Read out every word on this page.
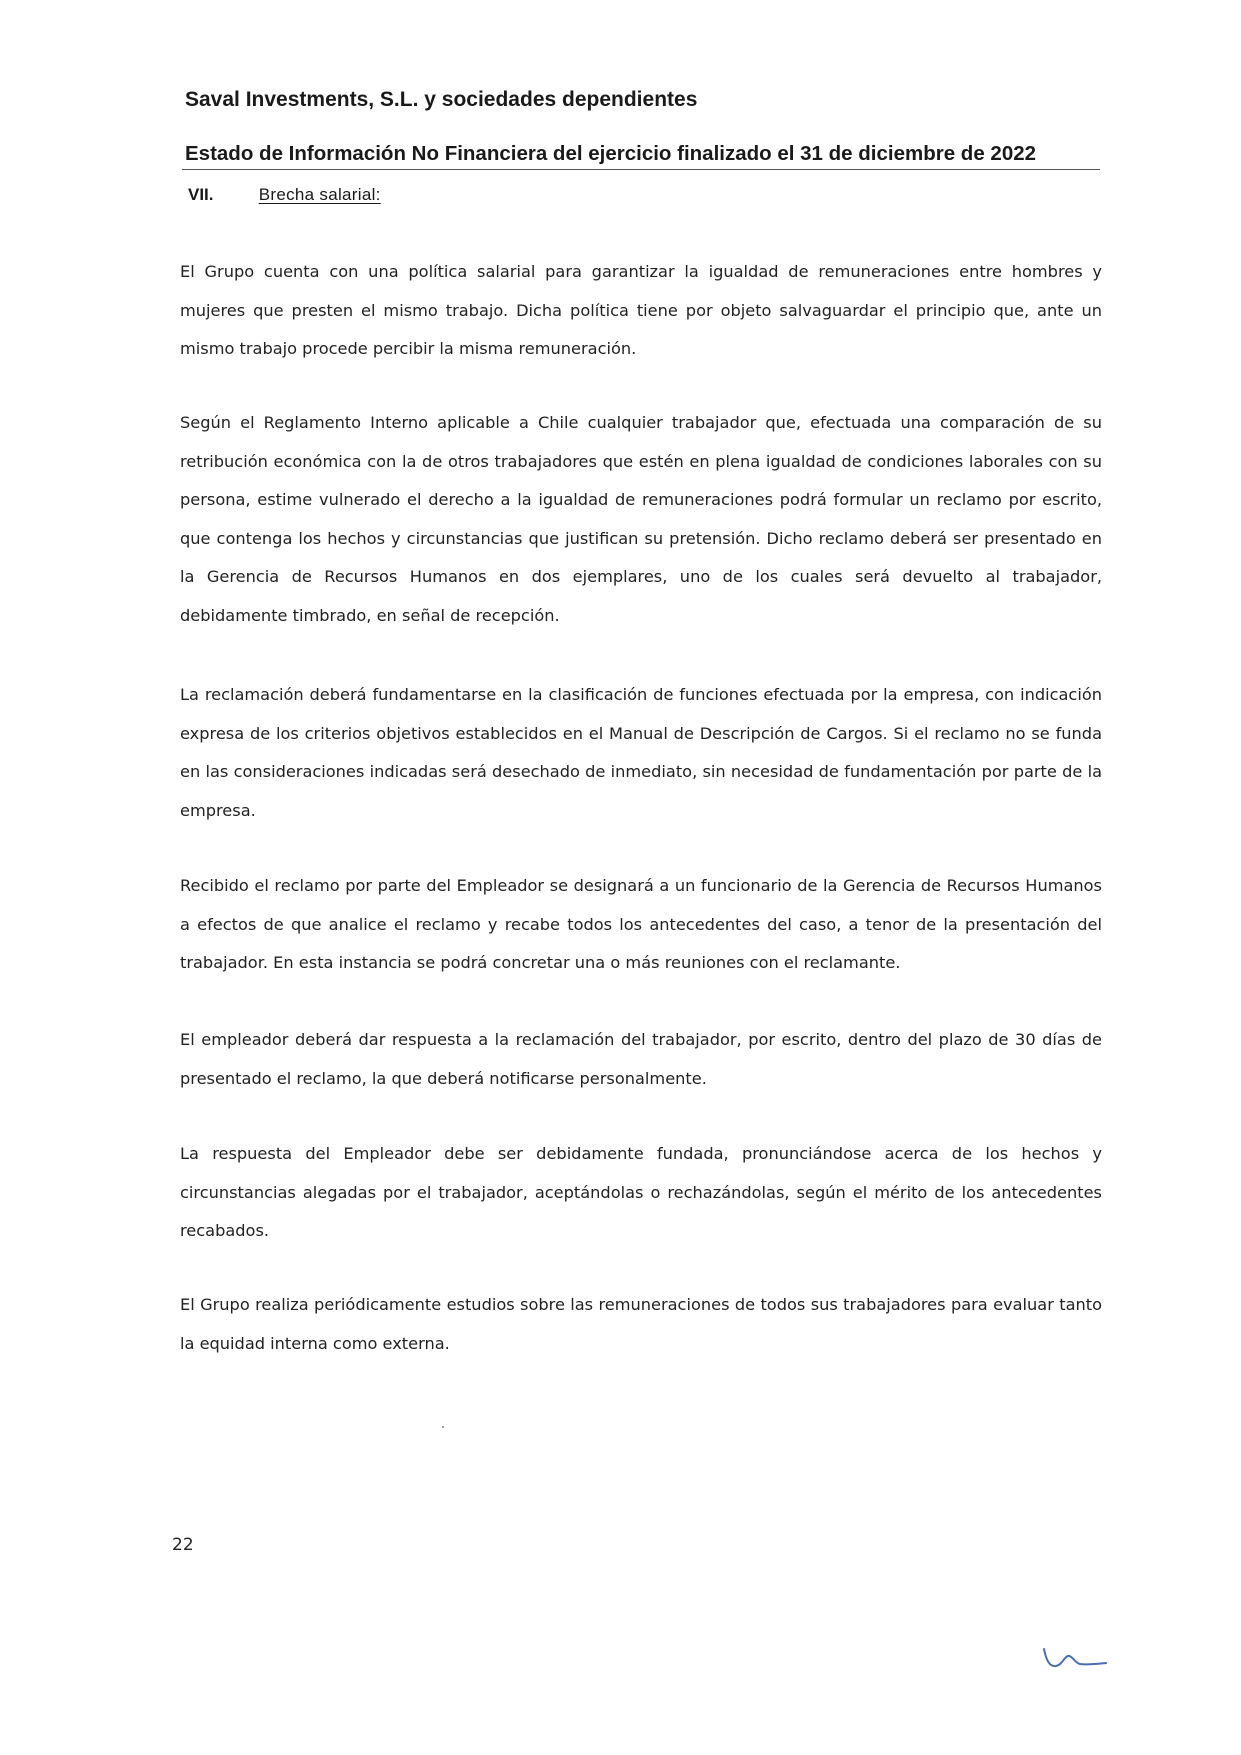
Saval Investments, S.L. y sociedades dependientes
Estado de Información No Financiera del ejercicio finalizado el 31 de diciembre de 2022
VII.	Brecha salarial:

El Grupo cuenta con una política salarial para garantizar la igualdad de remuneraciones entre hombres y mujeres que presten el mismo trabajo. Dicha política tiene por objeto salvaguardar el principio que, ante un mismo trabajo procede percibir la misma remuneración.

Según el Reglamento Interno aplicable a Chile cualquier trabajador que, efectuada una comparación de su retribución económica con la de otros trabajadores que estén en plena igualdad de condiciones laborales con su persona, estime vulnerado el derecho a la igualdad de remuneraciones podrá formular un reclamo por escrito, que contenga los hechos y circunstancias que justifican su pretensión. Dicho reclamo deberá ser presentado en la Gerencia de Recursos Humanos en dos ejemplares, uno de los cuales será devuelto al trabajador, debidamente timbrado, en señal de recepción.

La reclamación deberá fundamentarse en la clasificación de funciones efectuada por la empresa, con indicación expresa de los criterios objetivos establecidos en el Manual de Descripción de Cargos. Si el reclamo no se funda en las consideraciones indicadas será desechado de inmediato, sin necesidad de fundamentación por parte de la empresa.

Recibido el reclamo por parte del Empleador se designará a un funcionario de la Gerencia de Recursos Humanos a efectos de que analice el reclamo y recabe todos los antecedentes del caso, a tenor de la presentación del trabajador. En esta instancia se podrá concretar una o más reuniones con el reclamante.

El empleador deberá dar respuesta a la reclamación del trabajador, por escrito, dentro del plazo de 30 días de presentado el reclamo, la que deberá notificarse personalmente.

La respuesta del Empleador debe ser debidamente fundada, pronunciándose acerca de los hechos y circunstancias alegadas por el trabajador, aceptándolas o rechazándolas, según el mérito de los antecedentes recabados.

El Grupo realiza periódicamente estudios sobre las remuneraciones de todos sus trabajadores para evaluar tanto la equidad interna como externa.

22
